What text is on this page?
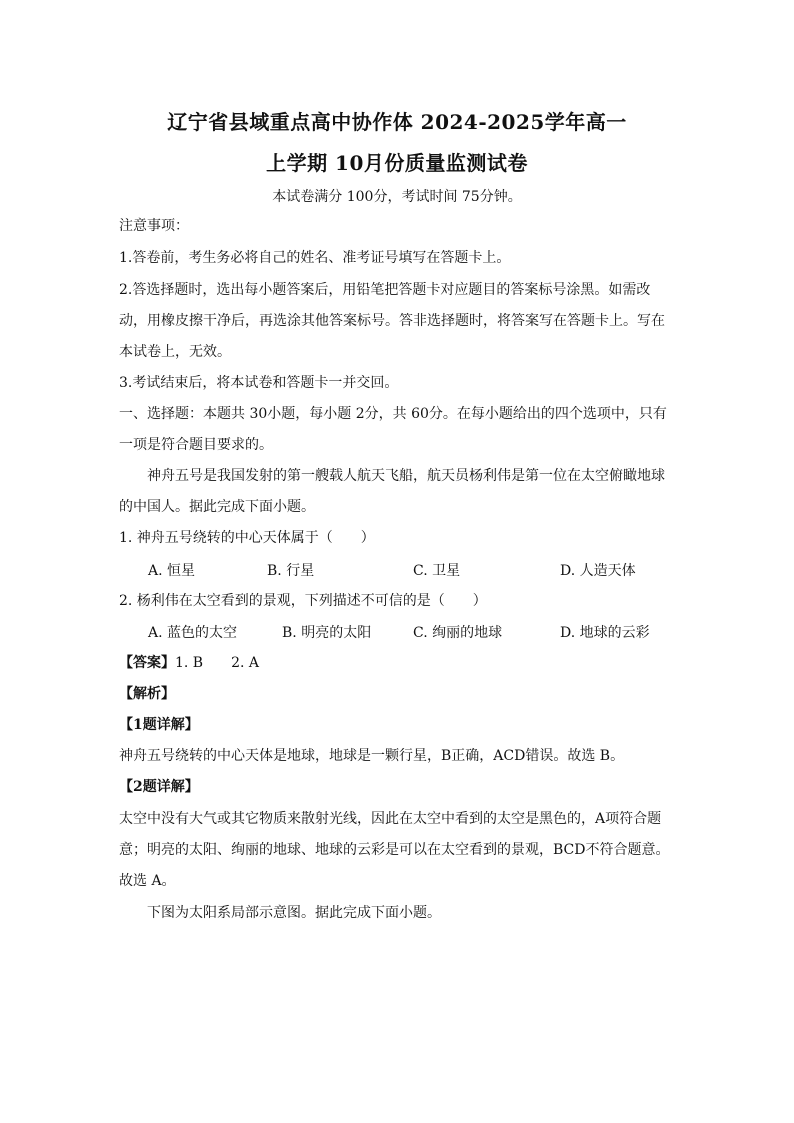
辽宁省县域重点高中协作体 2024-2025学年高一
上学期 10月份质量监测试卷
本试卷满分 100分，考试时间 75分钟。
注意事项：
1.答卷前，考生务必将自己的姓名、准考证号填写在答题卡上。
2.答选择题时，选出每小题答案后，用铅笔把答题卡对应题目的答案标号涂黑。如需改
动，用橡皮擦干净后，再选涂其他答案标号。答非选择题时，将答案写在答题卡上。写在
本试卷上，无效。
3.考试结束后，将本试卷和答题卡一并交回。
一、选择题：本题共 30小题，每小题 2分，共 60分。在每小题给出的四个选项中，只有
一项是符合题目要求的。
神舟五号是我国发射的第一艘载人航天飞船，航天员杨利伟是第一位在太空俯瞰地球
的中国人。据此完成下面小题。
1. 神舟五号绕转的中心天体属于（　　）
A. 恒星	B. 行星	C. 卫星	D. 人造天体
2. 杨利伟在太空看到的景观，下列描述不可信的是（　　）
A. 蓝色的太空	B. 明亮的太阳	C. 绚丽的地球	D. 地球的云彩
【答案】1. B　　2. A
【解析】
【1题详解】
神舟五号绕转的中心天体是地球，地球是一颗行星，B正确，ACD错误。故选 B。
【2题详解】
太空中没有大气或其它物质来散射光线，因此在太空中看到的太空是黑色的，A项符合题
意；明亮的太阳、绚丽的地球、地球的云彩是可以在太空看到的景观，BCD不符合题意。
故选 A。
下图为太阳系局部示意图。据此完成下面小题。
